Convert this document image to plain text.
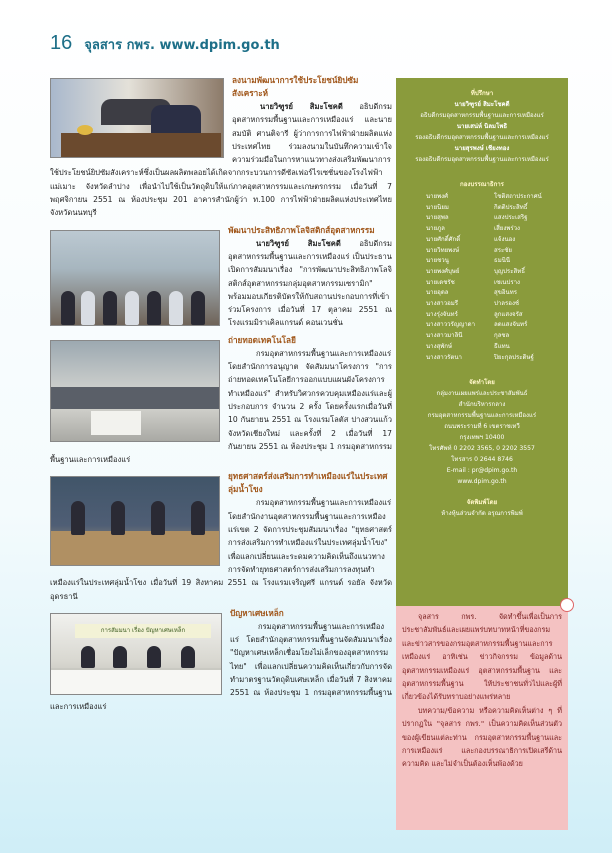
16 จุลสาร กพร. www.dpim.go.th
ลงนามพัฒนาการใช้ประโยชน์ยิปซัมสังเคราะห์

นายวิฑูรย์ สิมะโชคดี อธิบดีกรมอุตสาหกรรมพื้นฐานและการเหมืองแร่ และนายสมบัติ ศานติจารี ผู้ว่าการการไฟฟ้าฝ่ายผลิตแห่งประเทศไทย ร่วมลงนามในบันทึกความเข้าใจความร่วมมือในการหาแนวทางส่งเสริมพัฒนาการใช้ประโยชน์ยิปซัมสังเคราะห์ซึ่งเป็นผลผลิตพลอยได้เกิดจากกระบวนการดีซัลเฟอร์ไรเซชั่นของโรงไฟฟ้าแม่เมาะ จังหวัดลำปาง เพื่อนำไปใช้เป็นวัตถุดิบให้แก่ภาคอุตสาหกรรมและเกษตรกรรม เมื่อวันที่ 7 พฤศจิกายน 2551 ณ ห้องประชุม 201 อาคารสำนักผู้ว่า ท.100 การไฟฟ้าฝ่ายผลิตแห่งประเทศไทย จังหวัดนนทบุรี

พัฒนาประสิทธิภาพโลจิสติกส์อุตสาหกรรม

นายวิฑูรย์ สิมะโชคดี อธิบดีกรมอุตสาหกรรมพื้นฐานและการเหมืองแร่ เป็นประธานเปิดการสัมมนาเรื่อง "การพัฒนาประสิทธิภาพโลจิสติกส์อุตสาหกรรมกลุ่มอุตสาหกรรมเซรามิก" พร้อมมอบเกียรติบัตรให้กับสถานประกอบการที่เข้าร่วมโครงการ เมื่อวันที่ 17 ตุลาคม 2551 ณ โรงแรมมิราเคิลแกรนด์ คอนเวนชั่น

ถ่ายทอดเทคโนโลยี

กรมอุตสาหกรรมพื้นฐานและการเหมืองแร่ โดยสำนักการอนุญาต จัดสัมมนาโครงการ "การถ่ายทอดเทคโนโลยีการออกแบบแผนผังโครงการทำเหมืองแร่" สำหรับวิศวกรควบคุมเหมืองแร่และผู้ประกอบการ จำนวน 2 ครั้ง โดยครั้งแรกเมื่อวันที่ 10 กันยายน 2551 ณ โรงแรมโลตัส ปางสวนแก้ว จังหวัดเชียงใหม่ และครั้งที่ 2 เมื่อวันที่ 17 กันยายน 2551 ณ ห้องประชุม 1 กรมอุตสาหกรรมพื้นฐานและการเหมืองแร่

ยุทธศาสตร์ส่งเสริมการทำเหมืองแร่ในประเทศลุ่มน้ำโขง

กรมอุตสาหกรรมพื้นฐานและการเหมืองแร่ โดยสำนักงานอุตสาหกรรมพื้นฐานและการเหมืองแร่เขต 2 จัดการประชุมสัมมนาเรื่อง "ยุทธศาสตร์การส่งเสริมการทำเหมืองแร่ในประเทศลุ่มน้ำโขง" เพื่อแลกเปลี่ยนและระดมความคิดเห็นถึงแนวทางการจัดทำยุทธศาสตร์การส่งเสริมการลงทุนทำเหมืองแร่ในประเทศลุ่มน้ำโขง เมื่อวันที่ 19 สิงหาคม 2551 ณ โรงแรมเจริญศรี แกรนด์ รอยัล จังหวัดอุดรธานี

การสัมมนา เรื่อง ปัญหาเศษเหล็ก
ปัญหาเศษเหล็ก

กรมอุตสาหกรรมพื้นฐานและการเหมืองแร่ โดยสำนักอุตสาหกรรมพื้นฐานจัดสัมมนาเรื่อง "ปัญหาเศษเหล็กเชื่อมโยงไม่เล็กของอุตสาหกรรมไทย" เพื่อแลกเปลี่ยนความคิดเห็นเกี่ยวกับการจัดทำมาตรฐานวัตถุดิบเศษเหล็ก เมื่อวันที่ 7 สิงหาคม 2551 ณ ห้องประชุม 1 กรมอุตสาหกรรมพื้นฐานและการเหมืองแร่

ที่ปรึกษา
นายวิฑูรย์ สิมะโชคดี
อธิบดีกรมอุตสาหกรรมพื้นฐานและการเหมืองแร่
นายเสน่ห์ นิลมโพธิ
รองอธิบดีกรมอุตสาหกรรมพื้นฐานและการเหมืองแร่
นายสุรพงษ์ เชียงทอง
รองอธิบดีกรมอุตสาหกรรมพื้นฐานและการเหมืองแร่
กองบรรณาธิการ
นายพงศ์	โชติสถาประกาศน์
นายนิยม	กิตติประสิทธิ์
นายสุพล	แสงประเสริฐ
นายภูล	เสี่ยงพร่วง
นายศักดิ์ศักดิ์	แจ้งนอง
นายวิทยพงษ์	สระชัย
นายชวนู	ธมนินี
นายพงศ์บุษย์	บุญประสิทธิ์
นายเดชรัช	เซเนปราง
นายอุดล	สุขอินทร
นางสาวอมรี	ปาลรองช์
นางรุ่งจันทร์	ลูกแสงจรัส
นางสาววรัญญาดา	ลดแสงจันทร์
นางสาวมาลินี	กุลชล
นางสุพักษ์	ธีแทน
นางสาวรัตนา	ปิยะกุลประดิษฐ์
จัดทำโดย
กลุ่มงานเผยแพร่และประชาสัมพันธ์
สำนักบริหารกลาง
กรมอุตสาหกรรมพื้นฐานและการเหมืองแร่
ถนนพระรามที่ 6 เขตราชเทวี
กรุงเทพฯ 10400
โทรศัพท์ 0 2202 3565, 0 2202 3557
โทรสาร 0 2644 8746
E-mail : pr@dpim.go.th
www.dpim.go.th
จัดพิมพ์โดย
ห้างหุ้นส่วนจำกัด อรุณการพิมพ์

จุลสาร กพร. จัดทำขึ้นเพื่อเป็นการประชาสัมพันธ์และเผยแพร่บทบาทหน้าที่ของกรมและข่าวสารของกรมอุตสาหกรรมพื้นฐานและการเหมืองแร่ อาทิเช่น ข่าวกิจกรรม ข้อมูลด้านอุตสาหกรรมเหมืองแร่ อุตสาหกรรมพื้นฐาน และอุตสาหกรรมพื้นฐาน ให้ประชาชนทั่วไปและผู้ที่เกี่ยวข้องได้รับทราบอย่างแพร่หลาย

บทความ/ข้อความ หรือความคิดเห็นต่าง ๆ ที่ปรากฏใน "จุลสาร กพร." เป็นความคิดเห็นส่วนตัวของผู้เขียนแต่ละท่าน กรมอุตสาหกรรมพื้นฐานและการเหมืองแร่ และกองบรรณาธิการเปิดเสรีด้านความคิด และไม่จำเป็นต้องเห็นพ้องด้วย
